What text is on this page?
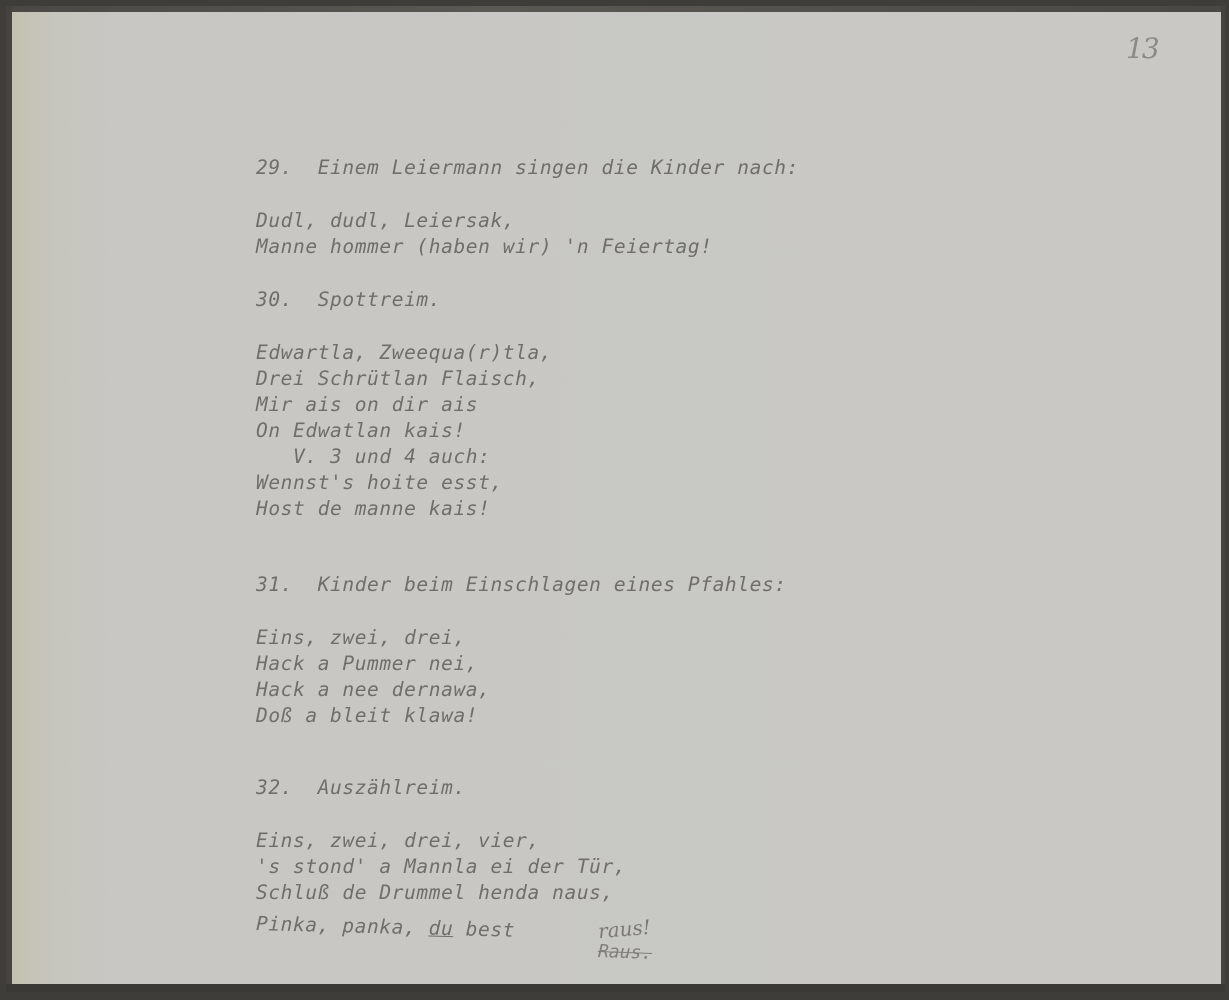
13
29.  Einem Leiermann singen die Kinder nach:
Dudl, dudl, Leiersak,
Manne hommer (haben wir) 'n Feiertag!
30.  Spottreim.
Edwartla, Zweequa(r)tla,
Drei Schrütlan Flaisch,
Mir ais on dir ais
On Edwatlan kais!
V. 3 und 4 auch:
Wennst's hoite esst,
Host de manne kais!
31.  Kinder beim Einschlagen eines Pfahles:
Eins, zwei, drei,
Hack a Pummer nei,
Hack a nee dernawa,
Doß a bleit klawa!
32.  Auszählreim.
Eins, zwei, drei, vier,
's stond' a Mannla ei der Tür,
Schluß de Drummel henda naus,
Pinka, panka, du best	raus!
Raus.
